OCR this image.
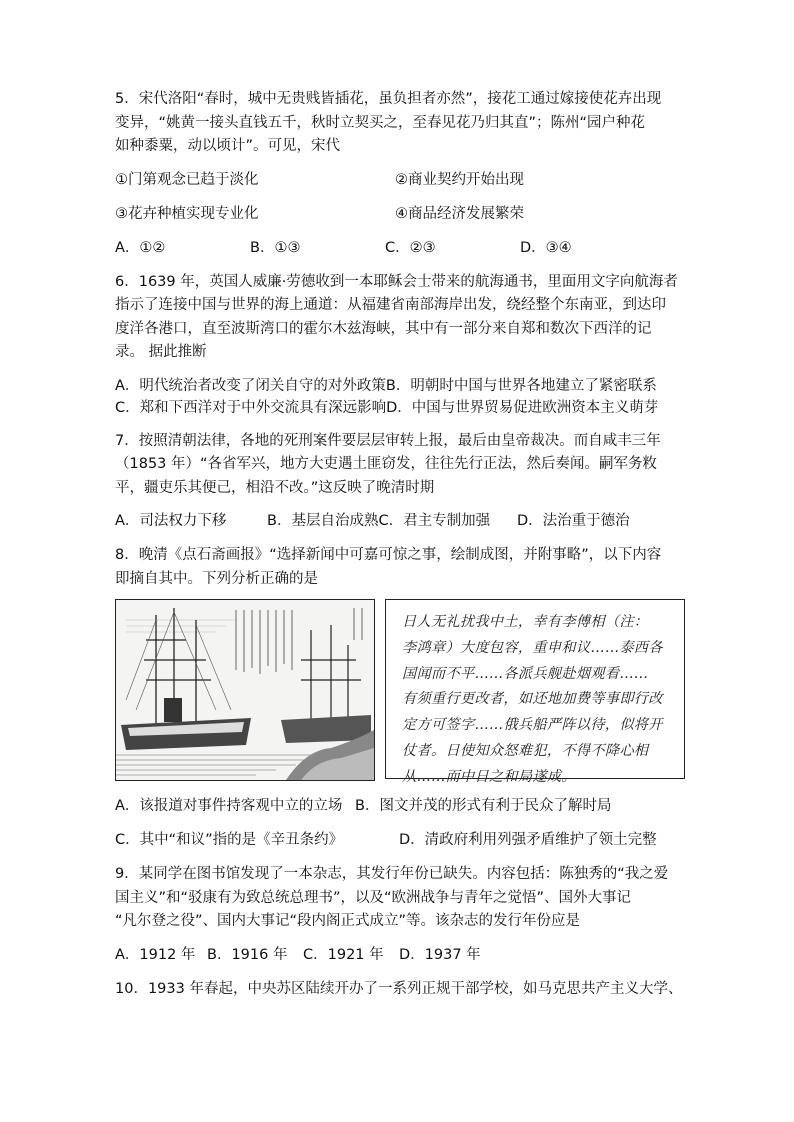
5．宋代洛阳“春时，城中无贵贱皆插花，虽负担者亦然”，接花工通过嫁接使花卉出现
变异，“姚黄一接头直钱五千，秋时立契买之，至春见花乃归其直”；陈州“园户种花
如种黍粟，动以顷计”。可见，宋代
①门第观念已趋于淡化	②商业契约开始出现
③花卉种植实现专业化	④商品经济发展繁荣
A．①②	B．①③	C．②③	D．③④
6．1639 年，英国人威廉·劳德收到一本耶稣会士带来的航海通书，里面用文字向航海者
指示了连接中国与世界的海上通道：从福建省南部海岸出发，绕经整个东南亚，到达印
度洋各港口，直至波斯湾口的霍尔木兹海峡，其中有一部分来自郑和数次下西洋的记
录。 据此推断
A．明代统治者改变了闭关自守的对外政策B．明朝时中国与世界各地建立了紧密联系
C．郑和下西洋对于中外交流具有深远影响D．中国与世界贸易促进欧洲资本主义萌芽
7．按照清朝法律，各地的死刑案件要层层审转上报，最后由皇帝裁决。而自咸丰三年
（1853 年）“各省军兴，地方大吏遇土匪窃发，往往先行正法，然后奏闻。嗣军务敉
平，疆吏乐其便己，相沿不改。”这反映了晚清时期
A．司法权力下移	B．基层自治成熟C．君主专制加强	D．法治重于德治
8．晚清《点石斋画报》“选择新闻中可嘉可惊之事，绘制成图，并附事略”，以下内容
即摘自其中。下列分析正确的是
日人无礼扰我中土，幸有李傅相（注：
李鸿章）大度包容，重申和议……泰西各
国闻而不平……各派兵舰赴烟观看……
有须重行更改者，如还地加费等事即行改
定方可签字……俄兵船严阵以待，似将开
仗者。日使知众怒难犯，不得不降心相
从……而中日之和局遂成。
A．该报道对事件持客观中立的立场 B．图文并茂的形式有利于民众了解时局
C．其中“和议”指的是《辛丑条约》	D．清政府利用列强矛盾维护了领土完整
9．某同学在图书馆发现了一本杂志，其发行年份已缺失。内容包括：陈独秀的“我之爱
国主义”和“驳康有为致总统总理书”，以及“欧洲战争与青年之觉悟”、国外大事记
“凡尔登之役”、国内大事记“段内阁正式成立”等。该杂志的发行年份应是
A．1912 年 B．1916 年	C．1921 年	D．1937 年
10．1933 年春起，中央苏区陆续开办了一系列正规干部学校，如马克思共产主义大学、
